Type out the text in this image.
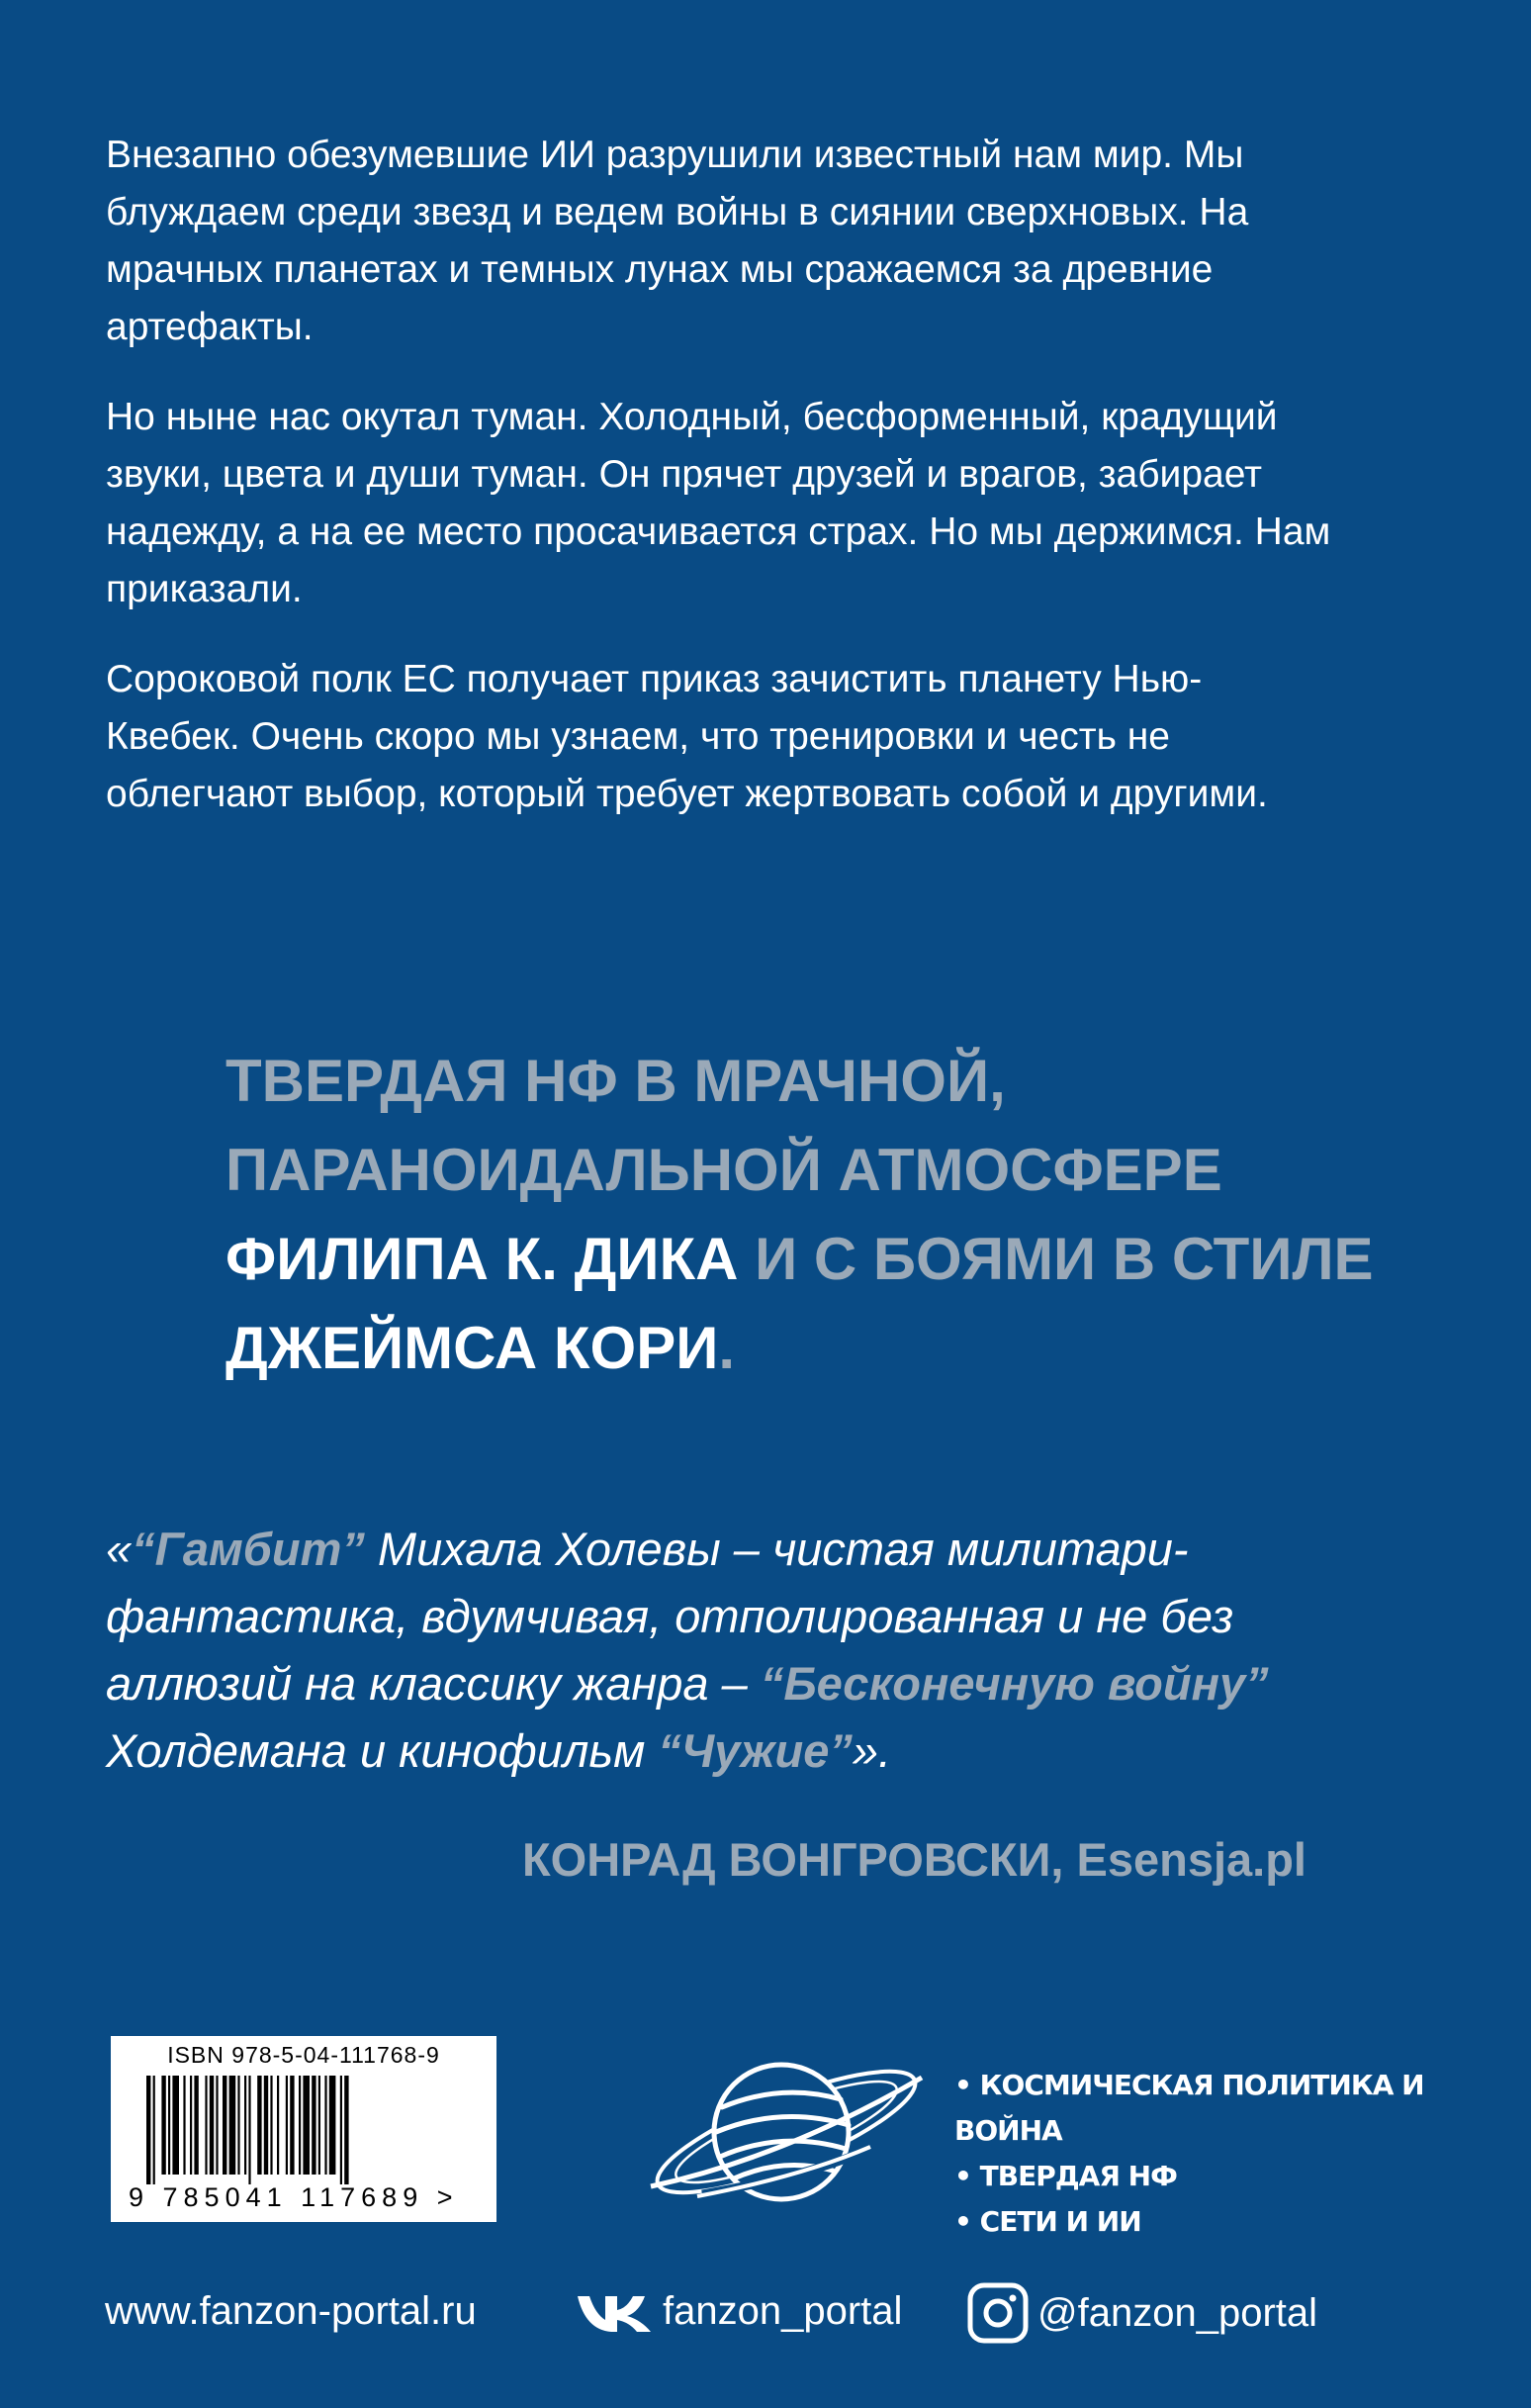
Внезапно обезумевшие ИИ разрушили известный нам мир. Мы блуждаем среди звезд и ведем войны в сиянии сверхновых. На мрачных планетах и темных лунах мы сражаемся за древние артефакты.

Но ныне нас окутал туман. Холодный, бесформенный, крадущий звуки, цвета и души туман. Он прячет друзей и врагов, забирает надежду, а на ее место просачивается страх. Но мы держимся. Нам приказали.

Сороковой полк ЕС получает приказ зачистить планету Нью-Квебек. Очень скоро мы узнаем, что тренировки и честь не облегчают выбор, который требует жертвовать собой и другими.

ТВЕРДАЯ НФ В МРАЧНОЙ, ПАРАНОИДАЛЬНОЙ АТМОСФЕРЕ ФИЛИПА К. ДИКА И С БОЯМИ В СТИЛЕ ДЖЕЙМСА КОРИ.
«“Гамбит” Михала Холевы – чистая милитари-фантастика, вдумчивая, отполированная и не без аллюзий на классику жанра – “Бесконечную войну” Холдемана и кинофильм “Чужие”».
КОНРАД ВОНГРОВСКИ, Esensja.pl
ISBN 978-5-04-111768-9
9 785041 117689 >
• КОСМИЧЕСКАЯ ПОЛИТИКА И ВОЙНА
• ТВЕРДАЯ НФ
• СЕТИ И ИИ
www.fanzon-portal.ru	fanzon_portal	@fanzon_portal
